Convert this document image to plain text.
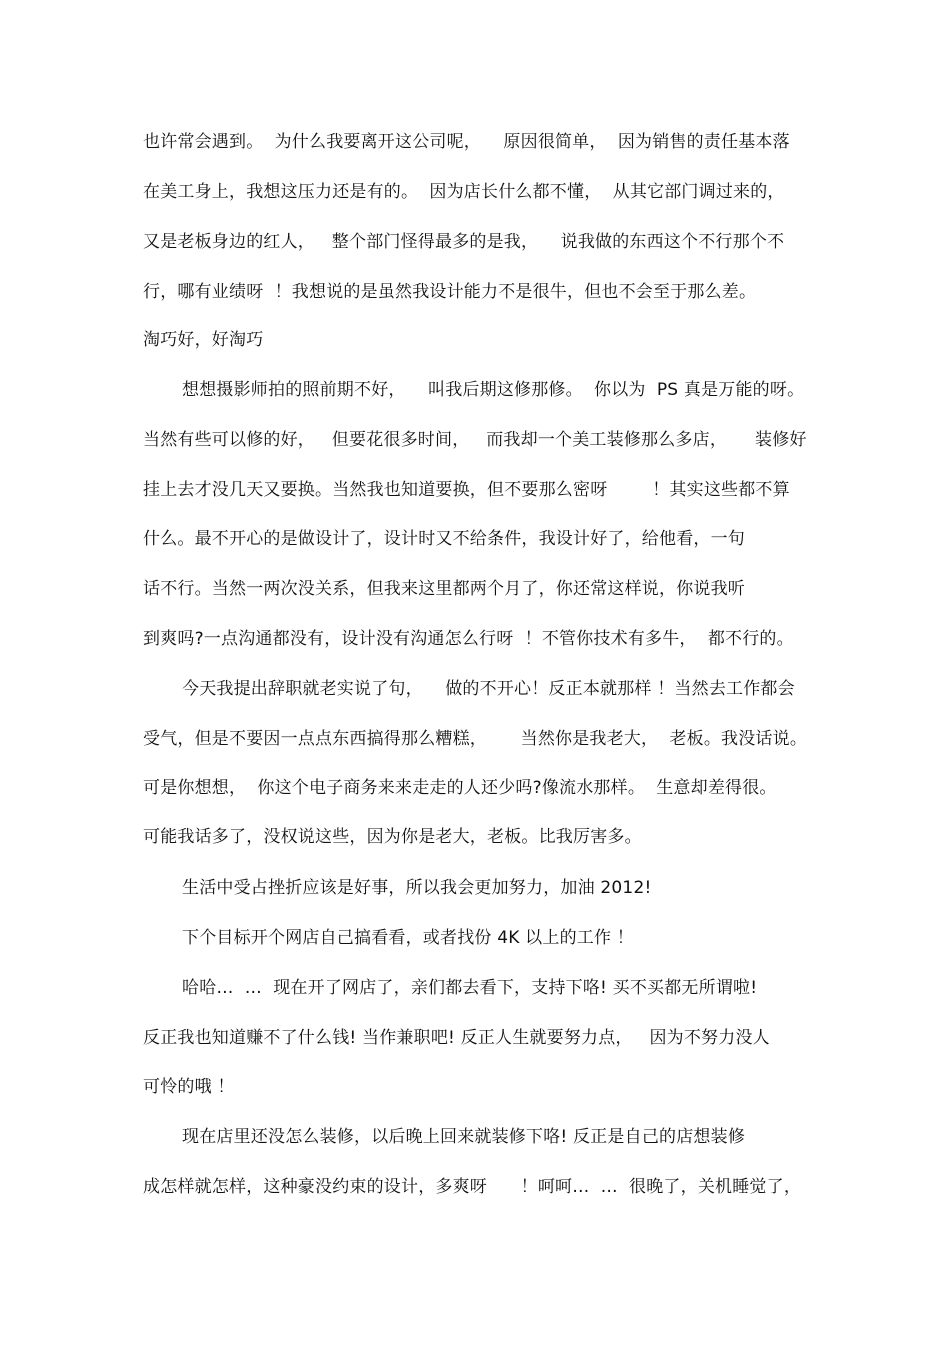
也许常会遇到。  为什么我要离开这公司呢，    原因很简单，  因为销售的责任基本落
在美工身上，我想这压力还是有的。  因为店长什么都不懂，  从其它部门调过来的，
又是老板身边的红人，   整个部门怪得最多的是我，    说我做的东西这个不行那个不
行，哪有业绩呀  ！我想说的是虽然我设计能力不是很牛，但也不会至于那么差。
淘巧好，好淘巧
想想摄影师拍的照前期不好，    叫我后期这修那修。  你以为  PS 真是万能的呀。
当然有些可以修的好，   但要花很多时间，   而我却一个美工装修那么多店，     装修好
挂上去才没几天又要换。当然我也知道要换，但不要那么密呀        ！其实这些都不算
什么。最不开心的是做设计了，设计时又不给条件，我设计好了，给他看，一句
话不行。当然一两次没关系，但我来这里都两个月了，你还常这样说，你说我听
到爽吗?一点沟通都没有，设计没有沟通怎么行呀  ！不管你技术有多牛，  都不行的。
今天我提出辞职就老实说了句，    做的不开心！反正本就那样 ！当然去工作都会
受气，但是不要因一点点东西搞得那么糟糕，      当然你是我老大，  老板。我没话说。
可是你想想，  你这个电子商务来来走走的人还少吗?像流水那样。  生意却差得很。
可能我话多了，没权说这些，因为你是老大，老板。比我厉害多。
生活中受占挫折应该是好事，所以我会更加努力，加油 2012!
下个目标开个网店自己搞看看，或者找份 4K 以上的工作 ！
哈哈…  …  现在开了网店了，亲们都去看下，支持下咯! 买不买都无所谓啦!
反正我也知道赚不了什么钱! 当作兼职吧! 反正人生就要努力点，   因为不努力没人
可怜的哦 ！
现在店里还没怎么装修，以后晚上回来就装修下咯! 反正是自己的店想装修
成怎样就怎样，这种豪没约束的设计，多爽呀      ！呵呵…  …  很晚了，关机睡觉了，
